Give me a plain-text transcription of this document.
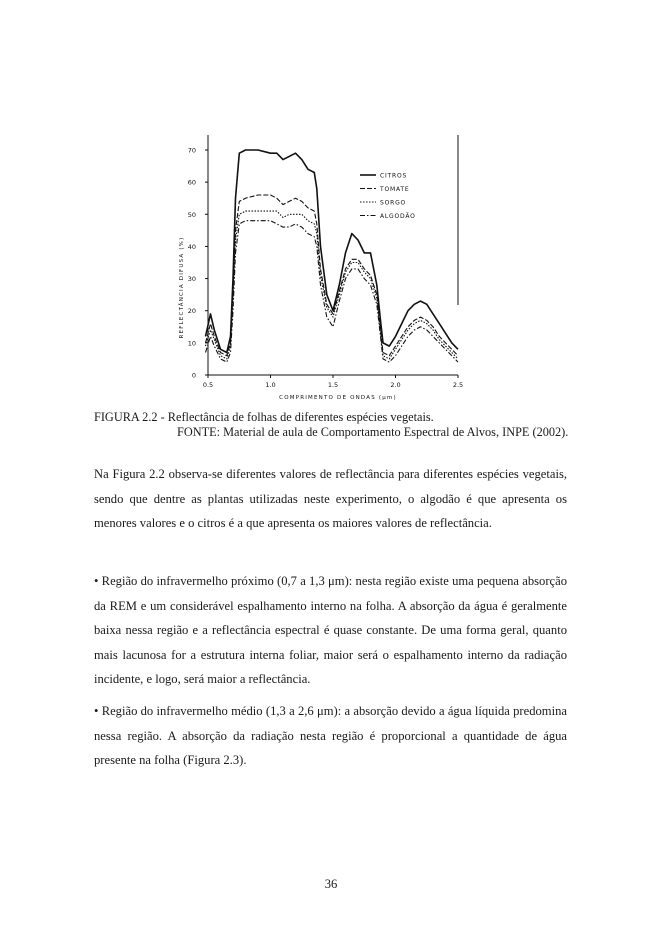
0
10
20
30
40
50
60
70
0.5	1.0	1.5	2.0	2.5
COMPRIMENTO DE ONDAS (μm)
REFLECTÂNCIA DIFUSA (%)
CITROS
TOMATE
SORGO
ALGODÃO
FIGURA 2.2 - Reflectância de folhas de diferentes espécies vegetais.
FONTE: Material de aula de Comportamento Espectral de Alvos, INPE (2002).

Na Figura 2.2 observa-se diferentes valores de reflectância para diferentes espécies vegetais, sendo que dentre as plantas utilizadas neste experimento, o algodão é que apresenta os menores valores e o citros é a que apresenta os maiores valores de reflectância.

• Região do infravermelho próximo (0,7 a 1,3 μm): nesta região existe uma pequena absorção da REM e um considerável espalhamento interno na folha. A absorção da água é geralmente baixa nessa região e a reflectância espectral é quase constante. De uma forma geral, quanto mais lacunosa for a estrutura interna foliar, maior será o espalhamento interno da radiação incidente, e logo, será maior a reflectância.

• Região do infravermelho médio (1,3 a 2,6 μm): a absorção devido a água líquida predomina nessa região. A absorção da radiação nesta região é proporcional a quantidade de água presente na folha (Figura 2.3).

36
